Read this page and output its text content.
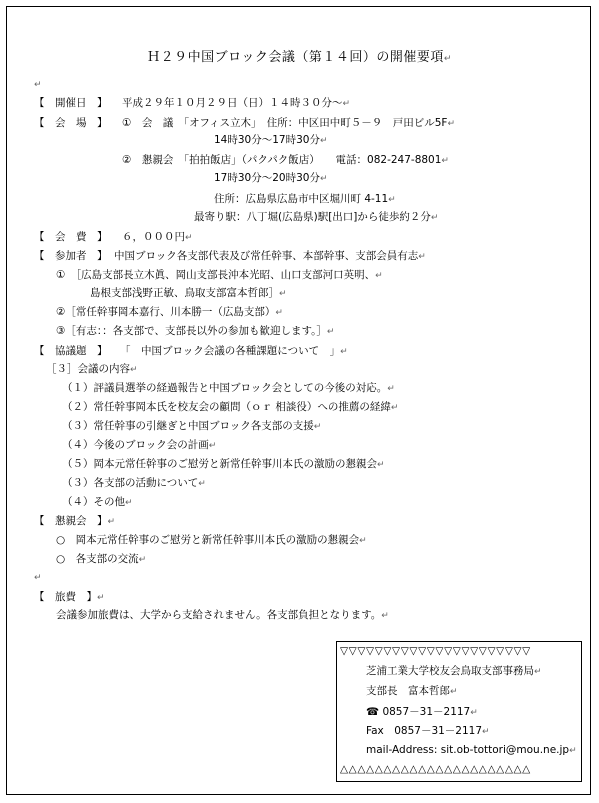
Ｈ２９中国ブロック会議（第１４回）の開催要項↵
↵
【　開催日　】 平成２９年１０月２９日（日）１４時３０分～↵
【　会　場　】 ①　会　議　「オフィス立木」　住所：中区田中町５－９　戸田ビル5F↵
14時30分～17時30分↵
②　懇親会　「拍拍飯店」（パクパク飯店）　　電話：082-247-8801↵
17時30分～20時30分↵
住所：広島県広島市中区堀川町 4-11↵
最寄り駅：八丁堀(広島県)駅[出口]から徒歩約２分↵
【　会　費　】 ６，０００円↵
【　参加者　】 中国ブロック各支部代表及び常任幹事、本部幹事、支部会員有志↵
①　［広島支部長立木眞、岡山支部長沖本光昭、山口支部河口英明、↵
島根支部浅野正敏、鳥取支部富本哲郎］↵
②［常任幹事岡本嘉行、川本勝一（広島支部）↵
③［有志：：各支部で、支部長以外の参加も歓迎します。］↵
【　協議題　】 「　中国ブロック会議の各種課題について　」↵
［３］会議の内容↵
（１）評議員選挙の経過報告と中国ブロック会としての今後の対応。↵
（２）常任幹事岡本氏を校友会の顧問（ｏｒ 相談役）への推薦の経緯↵
（３）常任幹事の引継ぎと中国ブロック各支部の支援↵
（４）今後のブロック会の計画↵
（５）岡本元常任幹事のご慰労と新常任幹事川本氏の激励の懇親会↵
（３）各支部の活動について↵
（４）その他↵
【　懇親会　】↵
○　岡本元常任幹事のご慰労と新常任幹事川本氏の激励の懇親会↵
○　各支部の交流↵
↵
【　旅費　】↵
会議参加旅費は、大学から支給されません。各支部負担となります。↵
▽▽▽▽▽▽▽▽▽▽▽▽▽▽▽▽▽▽▽▽▽▽
芝浦工業大学校友会鳥取支部事務局↵
支部長　富本哲郎↵
☎ 0857－31－2117↵
Fax　0857－31－2117↵
mail-Address: sit.ob-tottori@mou.ne.jp↵
△△△△△△△△△△△△△△△△△△△△△△
